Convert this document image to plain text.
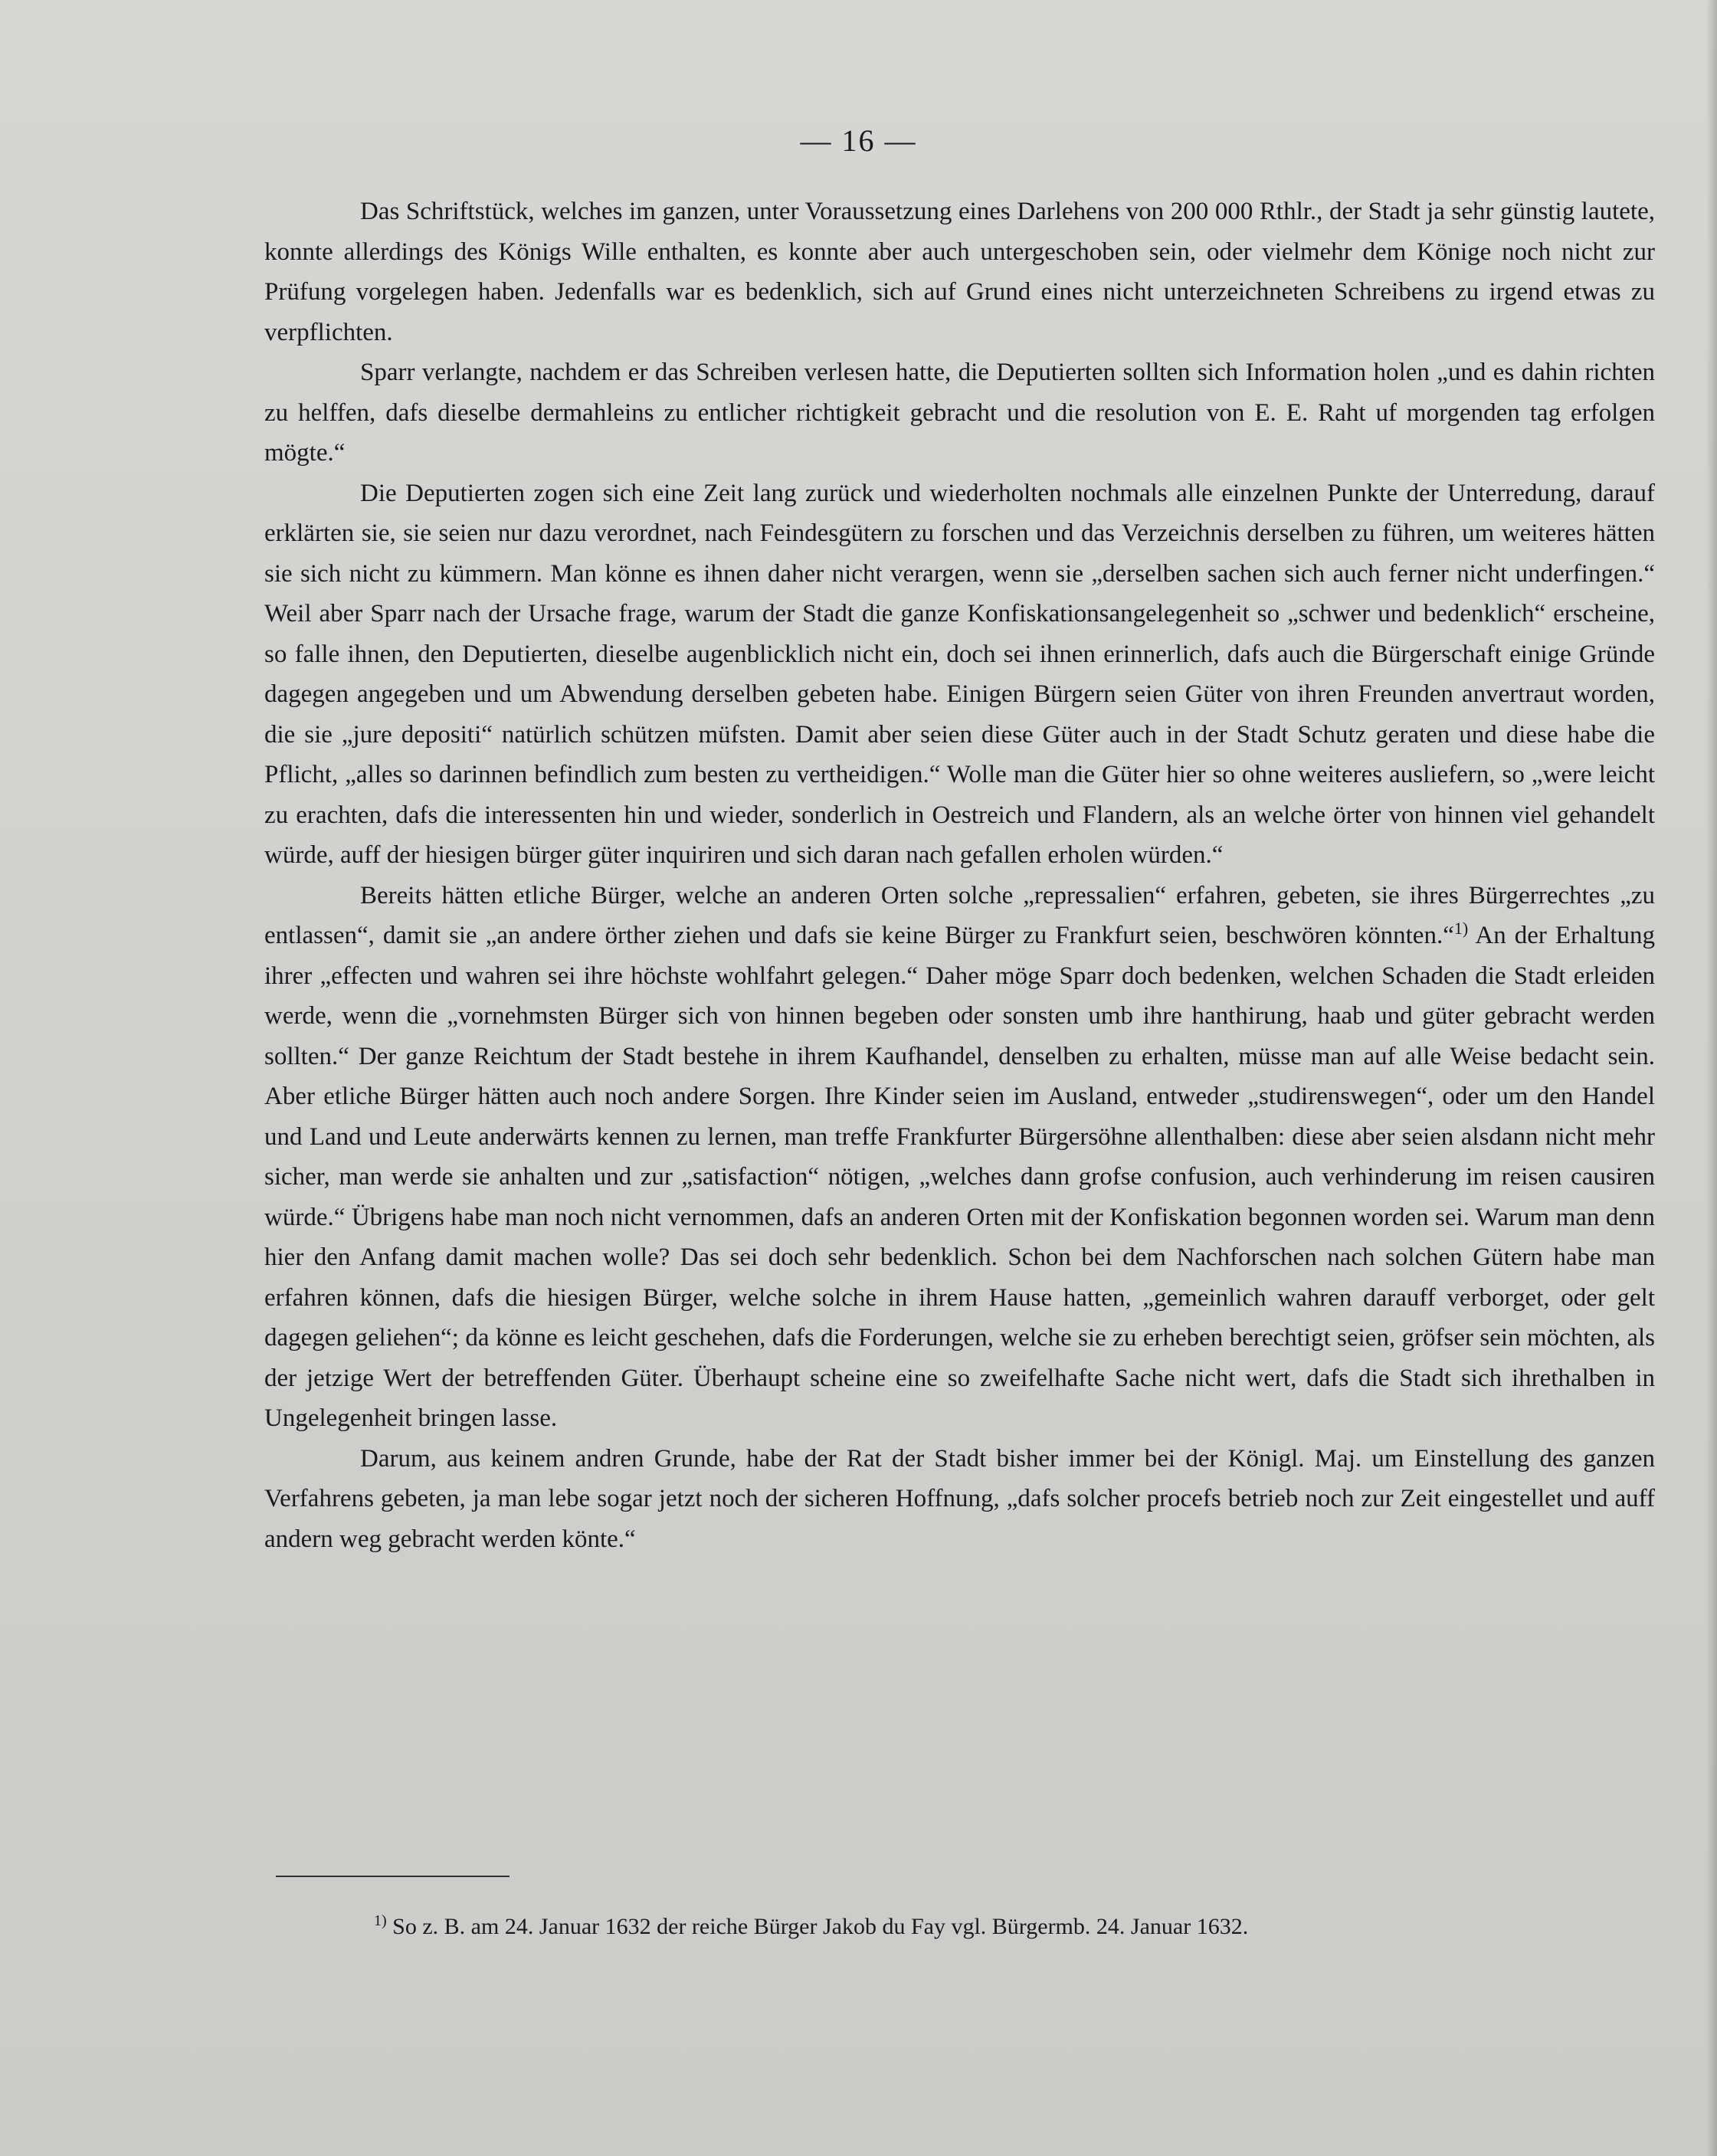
— 16 —

Das Schriftstück, welches im ganzen, unter Voraussetzung eines Darlehens von 200 000 Rthlr., der Stadt ja sehr günstig lautete, konnte allerdings des Königs Wille enthalten, es konnte aber auch untergeschoben sein, oder vielmehr dem Könige noch nicht zur Prüfung vorgelegen haben. Jedenfalls war es bedenklich, sich auf Grund eines nicht unterzeichneten Schreibens zu irgend etwas zu verpflichten.

Sparr verlangte, nachdem er das Schreiben verlesen hatte, die Deputierten sollten sich Information holen „und es dahin richten zu helffen, dafs dieselbe dermahleins zu entlicher richtigkeit gebracht und die resolution von E. E. Raht uf morgenden tag erfolgen mögte.“

Die Deputierten zogen sich eine Zeit lang zurück und wiederholten nochmals alle einzelnen Punkte der Unterredung, darauf erklärten sie, sie seien nur dazu verordnet, nach Feindesgütern zu forschen und das Verzeichnis derselben zu führen, um weiteres hätten sie sich nicht zu kümmern. Man könne es ihnen daher nicht verargen, wenn sie „derselben sachen sich auch ferner nicht underfingen.“ Weil aber Sparr nach der Ursache frage, warum der Stadt die ganze Konfiskationsangelegenheit so „schwer und bedenklich“ erscheine, so falle ihnen, den Deputierten, dieselbe augenblicklich nicht ein, doch sei ihnen erinnerlich, dafs auch die Bürgerschaft einige Gründe dagegen angegeben und um Abwendung derselben gebeten habe. Einigen Bürgern seien Güter von ihren Freunden anvertraut worden, die sie „jure depositi“ natürlich schützen müfsten. Damit aber seien diese Güter auch in der Stadt Schutz geraten und diese habe die Pflicht, „alles so darinnen befindlich zum besten zu vertheidigen.“ Wolle man die Güter hier so ohne weiteres ausliefern, so „were leicht zu erachten, dafs die interessenten hin und wieder, sonderlich in Oestreich und Flandern, als an welche örter von hinnen viel gehandelt würde, auff der hiesigen bürger güter inquiriren und sich daran nach gefallen erholen würden.“

Bereits hätten etliche Bürger, welche an anderen Orten solche „repressalien“ erfahren, gebeten, sie ihres Bürgerrechtes „zu entlassen“, damit sie „an andere örther ziehen und dafs sie keine Bürger zu Frankfurt seien, beschwören könnten.“$^{1)}$ An der Erhaltung ihrer „effecten und wahren sei ihre höchste wohlfahrt gelegen.“ Daher möge Sparr doch bedenken, welchen Schaden die Stadt erleiden werde, wenn die „vornehmsten Bürger sich von hinnen begeben oder sonsten umb ihre hanthirung, haab und güter gebracht werden sollten.“ Der ganze Reichtum der Stadt bestehe in ihrem Kaufhandel, denselben zu erhalten, müsse man auf alle Weise bedacht sein. Aber etliche Bürger hätten auch noch andere Sorgen. Ihre Kinder seien im Ausland, entweder „studirenswegen“, oder um den Handel und Land und Leute anderwärts kennen zu lernen, man treffe Frankfurter Bürgersöhne allenthalben: diese aber seien alsdann nicht mehr sicher, man werde sie anhalten und zur „satisfaction“ nötigen, „welches dann grofse confusion, auch verhinderung im reisen causiren würde.“ Übrigens habe man noch nicht vernommen, dafs an anderen Orten mit der Konfiskation begonnen worden sei. Warum man denn hier den Anfang damit machen wolle? Das sei doch sehr bedenklich. Schon bei dem Nachforschen nach solchen Gütern habe man erfahren können, dafs die hiesigen Bürger, welche solche in ihrem Hause hatten, „gemeinlich wahren darauff verborget, oder gelt dagegen geliehen“; da könne es leicht geschehen, dafs die Forderungen, welche sie zu erheben berechtigt seien, gröfser sein möchten, als der jetzige Wert der betreffenden Güter. Überhaupt scheine eine so zweifelhafte Sache nicht wert, dafs die Stadt sich ihrethalben in Ungelegenheit bringen lasse.

Darum, aus keinem andren Grunde, habe der Rat der Stadt bisher immer bei der Königl. Maj. um Einstellung des ganzen Verfahrens gebeten, ja man lebe sogar jetzt noch der sicheren Hoffnung, „dafs solcher procefs betrieb noch zur Zeit eingestellet und auff andern weg gebracht werden könte.“

$^{1)}$ So z. B. am 24. Januar 1632 der reiche Bürger Jakob du Fay vgl. Bürgermb. 24. Januar 1632.
